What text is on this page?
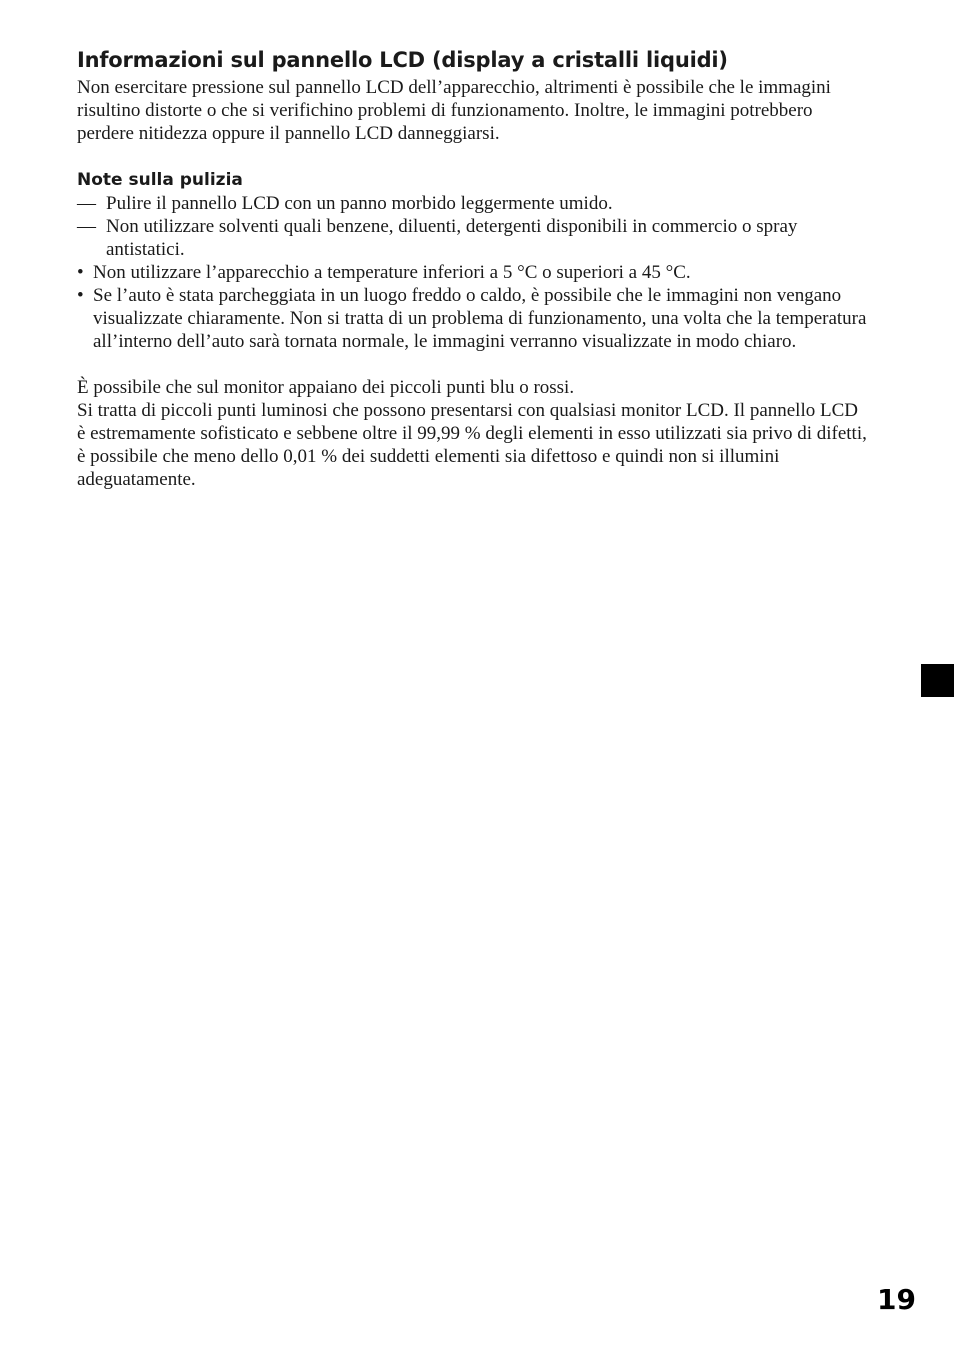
Informazioni sul pannello LCD (display a cristalli liquidi)

Non esercitare pressione sul pannello LCD dell’apparecchio, altrimenti è possibile che le immagini risultino distorte o che si verifichino problemi di funzionamento. Inoltre, le immagini potrebbero perdere nitidezza oppure il pannello LCD danneggiarsi.

Note sulla pulizia
— Pulire il pannello LCD con un panno morbido leggermente umido.
— Non utilizzare solventi quali benzene, diluenti, detergenti disponibili in commercio o spray antistatici.
• Non utilizzare l’apparecchio a temperature inferiori a 5 °C o superiori a 45 °C.
• Se l’auto è stata parcheggiata in un luogo freddo o caldo, è possibile che le immagini non vengano visualizzate chiaramente. Non si tratta di un problema di funzionamento, una volta che la temperatura all’interno dell’auto sarà tornata normale, le immagini verranno visualizzate in modo chiaro.

È possibile che sul monitor appaiano dei piccoli punti blu o rossi.

Si tratta di piccoli punti luminosi che possono presentarsi con qualsiasi monitor LCD. Il pannello LCD è estremamente sofisticato e sebbene oltre il 99,99 % degli elementi in esso utilizzati sia privo di difetti, è possibile che meno dello 0,01 % dei suddetti elementi sia difettoso e quindi non si illumini adeguatamente.

19
